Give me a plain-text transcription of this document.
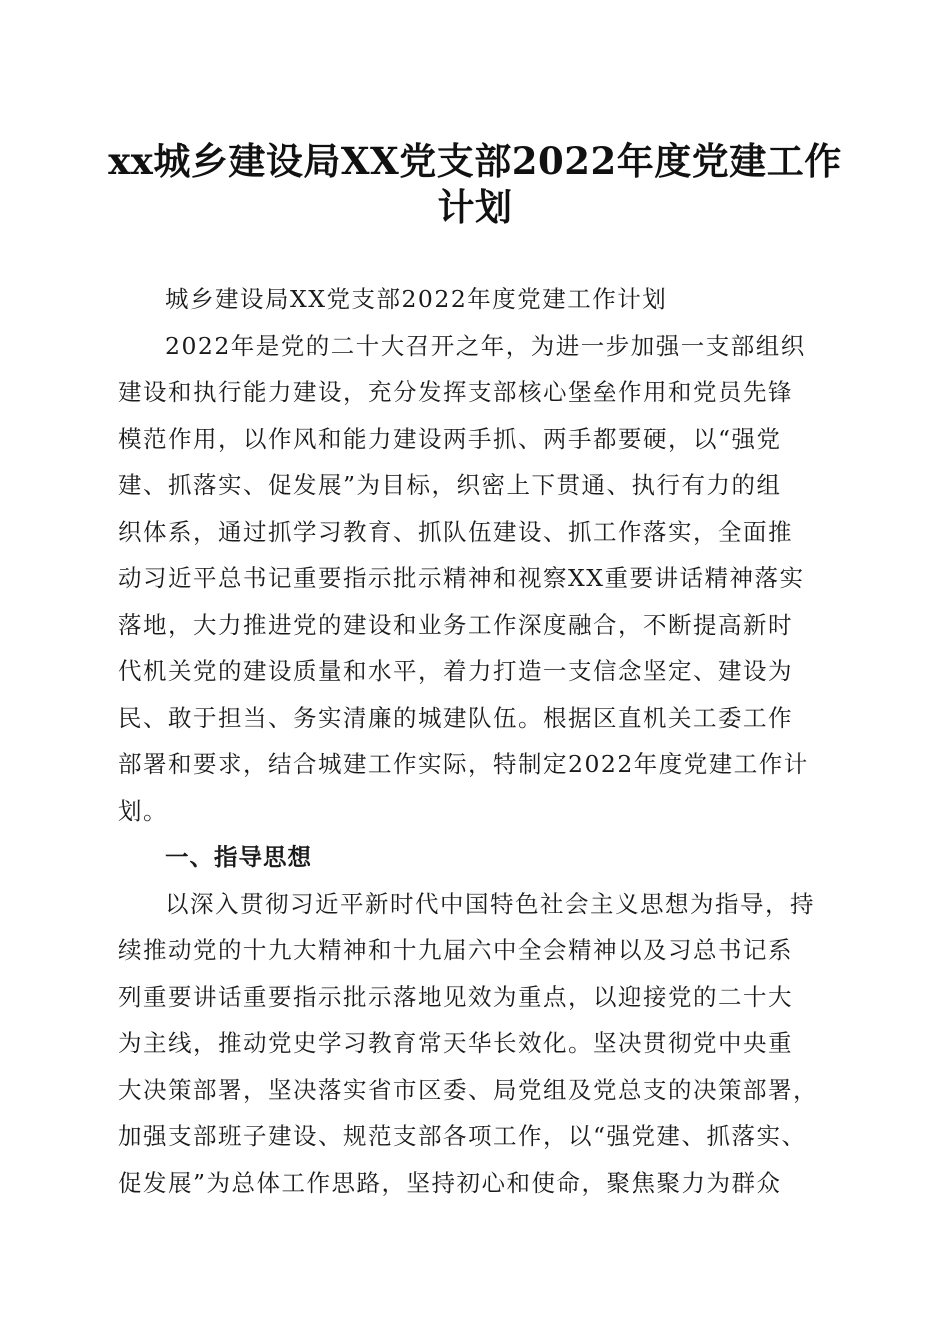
xx城乡建设局XX党支部2022年度党建工作
计划

城乡建设局XX党支部2022年度党建工作计划

2022年是党的二十大召开之年，为进一步加强一支部组织
建设和执行能力建设，充分发挥支部核心堡垒作用和党员先锋
模范作用，以作风和能力建设两手抓、两手都要硬，以“强党
建、抓落实、促发展”为目标，织密上下贯通、执行有力的组
织体系，通过抓学习教育、抓队伍建设、抓工作落实，全面推
动习近平总书记重要指示批示精神和视察XX重要讲话精神落实
落地，大力推进党的建设和业务工作深度融合，不断提高新时
代机关党的建设质量和水平，着力打造一支信念坚定、建设为
民、敢于担当、务实清廉的城建队伍。根据区直机关工委工作
部署和要求，结合城建工作实际，特制定2022年度党建工作计
划。

一、指导思想

以深入贯彻习近平新时代中国特色社会主义思想为指导，持
续推动党的十九大精神和十九届六中全会精神以及习总书记系
列重要讲话重要指示批示落地见效为重点，以迎接党的二十大
为主线，推动党史学习教育常天华长效化。坚决贯彻党中央重
大决策部署，坚决落实省市区委、局党组及党总支的决策部署，
加强支部班子建设、规范支部各项工作，以“强党建、抓落实、
促发展”为总体工作思路，坚持初心和使命，聚焦聚力为群众
